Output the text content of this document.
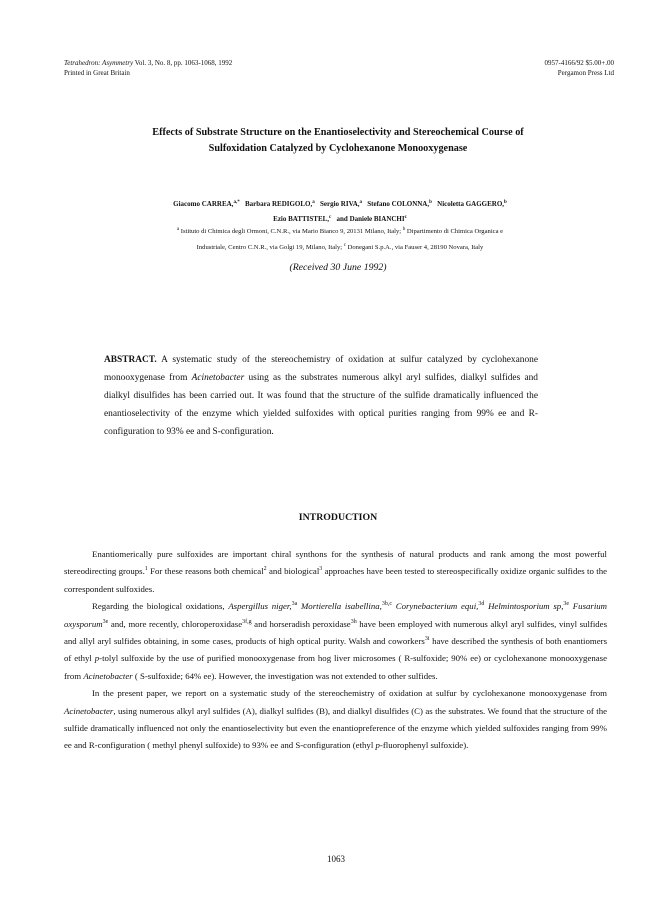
Tetrahedron: Asymmetry Vol. 3, No. 8, pp. 1063-1068, 1992
Printed in Great Britain
0957-4166/92 $5.00+.00
Pergamon Press Ltd
Effects of Substrate Structure on the Enantioselectivity and Stereochemical Course of
Sulfoxidation Catalyzed by Cyclohexanone Monooxygenase
Giacomo CARREA,$^{a,*}$ Barbara REDIGOLO,$^a$ Sergio RIVA,$^a$ Stefano COLONNA,$^b$ Nicoletta GAGGERO,$^b$
Ezio BATTISTEL,$^c$ and Daniele BIANCHI$^c$
$^a$ Istituto di Chimica degli Ormoni, C.N.R., via Mario Bianco 9, 20131 Milano, Italy; $^b$ Dipartimento di Chimica Organica e
Industriale, Centro C.N.R., via Golgi 19, Milano, Italy; $^c$ Donegani S.p.A., via Fauser 4, 28190 Novara, Italy
(Received 30 June 1992)
ABSTRACT. A systematic study of the stereochemistry of oxidation at sulfur catalyzed by cyclohexanone monooxygenase from Acinetobacter using as the substrates numerous alkyl aryl sulfides, dialkyl sulfides and dialkyl disulfides has been carried out. It was found that the structure of the sulfide dramatically influenced the enantioselectivity of the enzyme which yielded sulfoxides with optical purities ranging from 99% ee and R-configuration to 93% ee and S-configuration.
INTRODUCTION

Enantiomerically pure sulfoxides are important chiral synthons for the synthesis of natural products and rank among the most powerful stereodirecting groups.$^1$ For these reasons both chemical$^2$ and biological$^3$ approaches have been tested to stereospecifically oxidize organic sulfides to the correspondent sulfoxides.

Regarding the biological oxidations, Aspergillus niger,$^{3a}$ Mortierella isabellina,$^{3b,c}$ Corynebacterium equi,$^{3d}$ Helmintosporium sp,$^{3e}$ Fusarium oxysporum$^{3e}$ and, more recently, chloroperoxidase$^{3f,g}$ and horseradish peroxidase$^{3h}$ have been employed with numerous alkyl aryl sulfides, vinyl sulfides and allyl aryl sulfides obtaining, in some cases, products of high optical purity. Walsh and coworkers$^{3i}$ have described the synthesis of both enantiomers of ethyl p-tolyl sulfoxide by the use of purified monooxygenase from hog liver microsomes ( R-sulfoxide; 90% ee) or cyclohexanone monooxygenase from Acinetobacter ( S-sulfoxide; 64% ee). However, the investigation was not extended to other sulfides.

In the present paper, we report on a systematic study of the stereochemistry of oxidation at sulfur by cyclohexanone monooxygenase from Acinetobacter, using numerous alkyl aryl sulfides (A), dialkyl sulfides (B), and dialkyl disulfides (C) as the substrates. We found that the structure of the sulfide dramatically influenced not only the enantioselectivity but even the enantiopreference of the enzyme which yielded sulfoxides ranging from 99% ee and R-configuration ( methyl phenyl sulfoxide) to 93% ee and S-configuration (ethyl p-fluorophenyl sulfoxide).

1063
